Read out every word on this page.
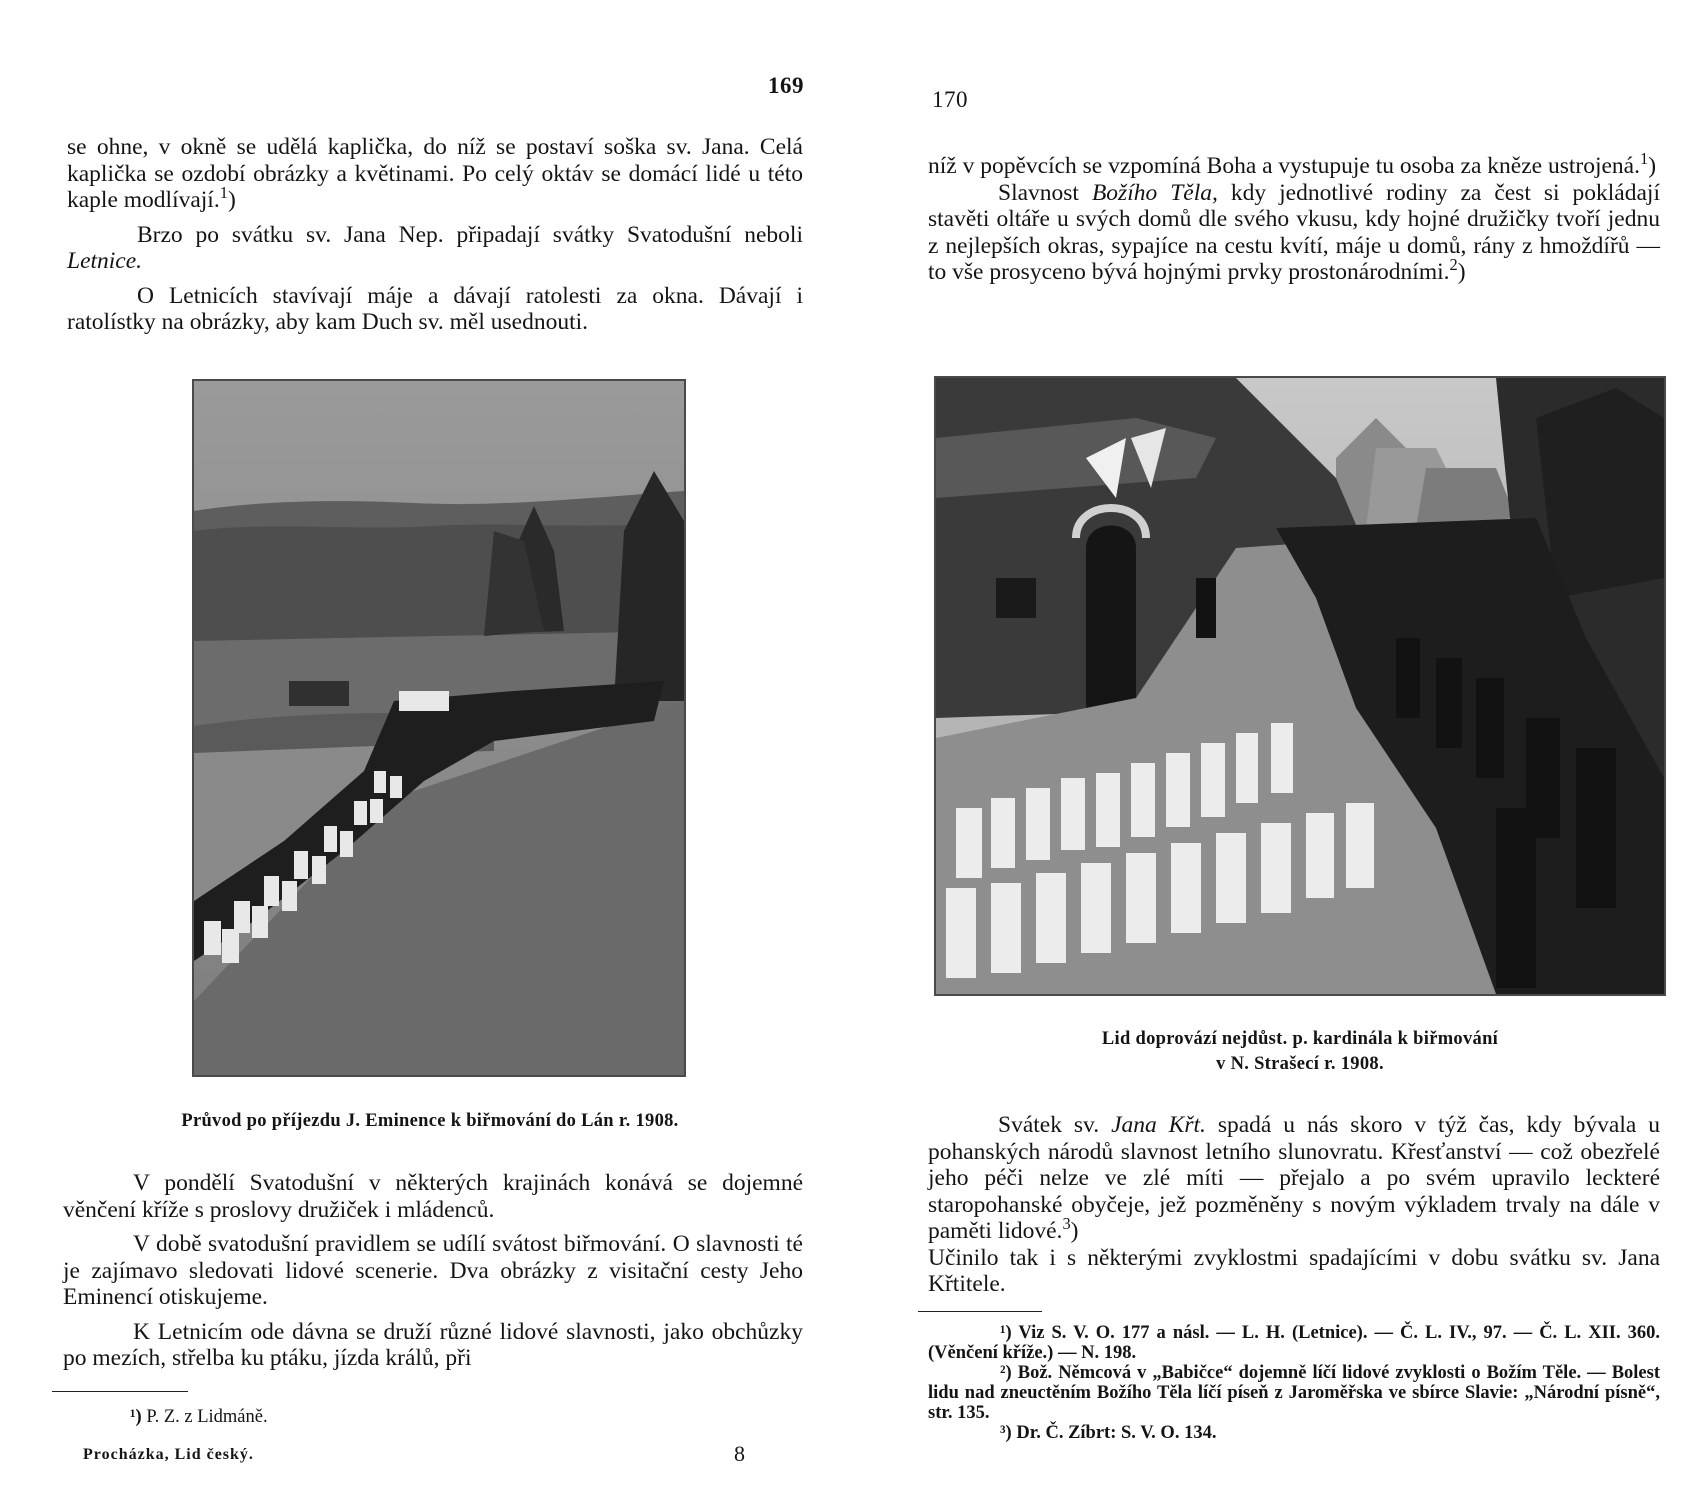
169

se ohne, v okně se udělá kaplička, do níž se postaví soška sv. Jana. Celá kaplička se ozdobí obrázky a květinami. Po celý oktáv se domácí lidé u této kaple modlívají.$^1$)

Brzo po svátku sv. Jana Nep. připadají svátky Svatodušní neboli Letnice.

O Letnicích stavívají máje a dávají ratolesti za okna. Dávají i ratolístky na obrázky, aby kam Duch sv. měl usednouti.

Průvod po příjezdu J. Eminence k biřmování do Lán r. 1908.

V pondělí Svatodušní v některých krajinách konává se dojemné věnčení kříže s proslovy družiček i mládenců.

V době svatodušní pravidlem se udílí svátost biřmování. O slavnosti té je zajímavo sledovati lidové scenerie. Dva obrázky z visitační cesty Jeho Eminencí otiskujeme.

K Letnicím ode dávna se druží různé lidové slavnosti, jako obchůzky po mezích, střelba ku ptáku, jízda králů, při

¹) P. Z. z Lidmáně.
Procházka, Lid český.	8
170

níž v popěvcích se vzpomíná Boha a vystupuje tu osoba za kněze ustrojená.$^1$)

Slavnost Božího Těla, kdy jednotlivé rodiny za čest si pokládají stavěti oltáře u svých domů dle svého vkusu, kdy hojné družičky tvoří jednu z nejlepších okras, sypajíce na cestu kvítí, máje u domů, rány z hmoždířů — to vše prosyceno bývá hojnými prvky prostonárodními.$^2$)

Lid doprovází nejdůst. p. kardinála k biřmování
v N. Strašecí r. 1908.

Svátek sv. Jana Křt. spadá u nás skoro v týž čas, kdy bývala u pohanských národů slavnost letního slunovratu. Křesťanství — což obezřelé jeho péči nelze ve zlé míti — přejalo a po svém upravilo leckteré staropohanské obyčeje, jež pozměněny s novým výkladem trvaly na dále v paměti lidové.$^3$)

Učinilo tak i s některými zvyklostmi spadajícími v dobu svátku sv. Jana Křtitele.

¹) Viz S. V. O. 177 a násl. — L. H. (Letnice). — Č. L. IV., 97. — Č. L. XII. 360. (Věnčení kříže.) — N. 198.

²) Bož. Němcová v „Babičce“ dojemně líčí lidové zvyklosti o Božím Těle. — Bolest lidu nad zneuctěním Božího Těla líčí píseň z Jaroměřska ve sbírce Slavie: „Národní písně“, str. 135.

³) Dr. Č. Zíbrt: S. V. O. 134.
